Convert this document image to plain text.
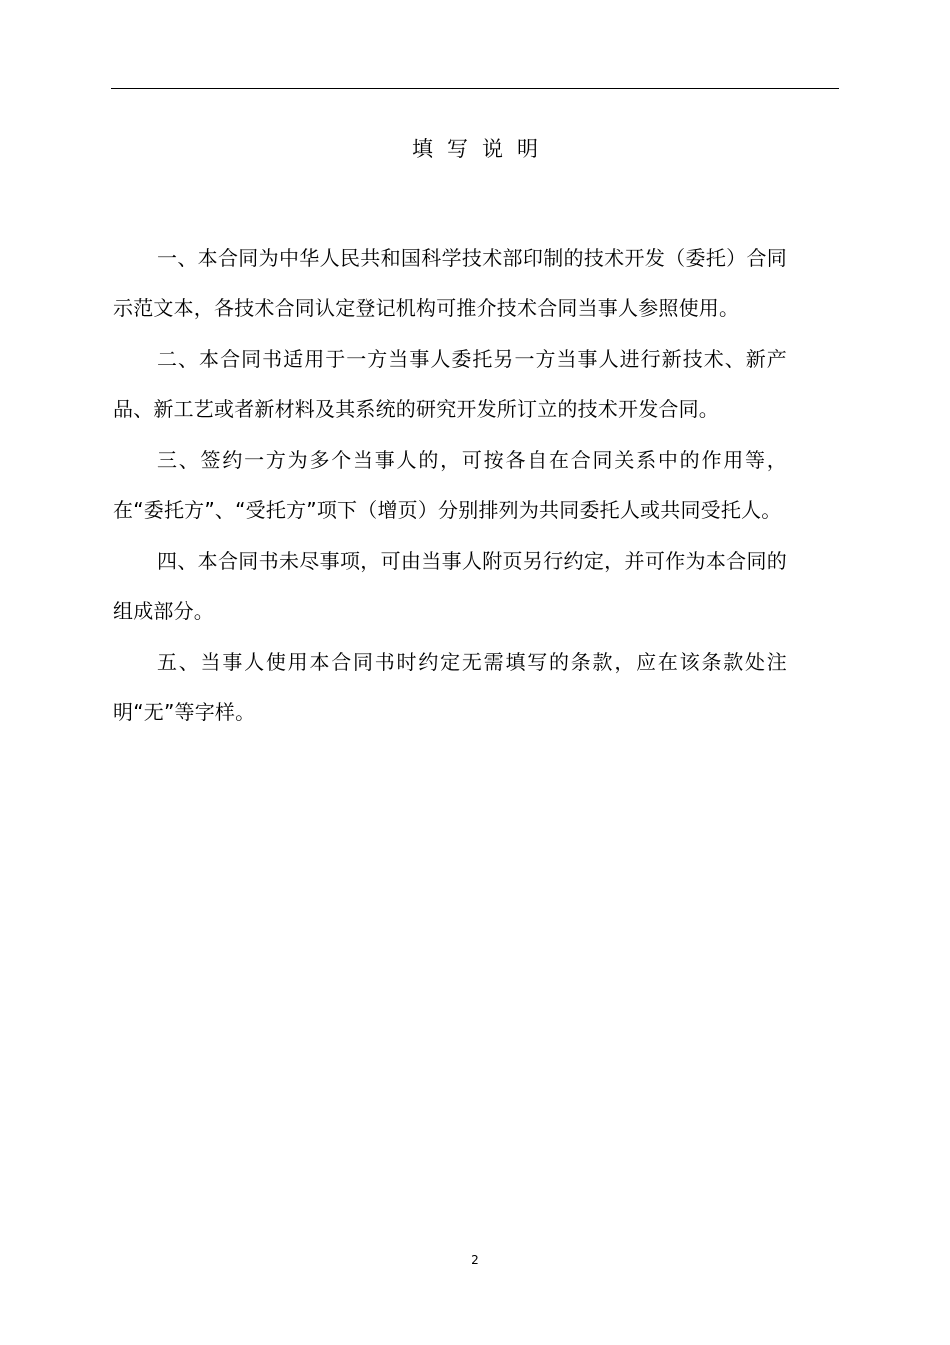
填写说明

一、本合同为中华人民共和国科学技术部印制的技术开发（委托）合同示范文本，各技术合同认定登记机构可推介技术合同当事人参照使用。

二、本合同书适用于一方当事人委托另一方当事人进行新技术、新产品、新工艺或者新材料及其系统的研究开发所订立的技术开发合同。

三、签约一方为多个当事人的，可按各自在合同关系中的作用等，在“委托方”、“受托方”项下（增页）分别排列为共同委托人或共同受托人。

四、本合同书未尽事项，可由当事人附页另行约定，并可作为本合同的组成部分。

五、当事人使用本合同书时约定无需填写的条款，应在该条款处注明“无”等字样。

2
